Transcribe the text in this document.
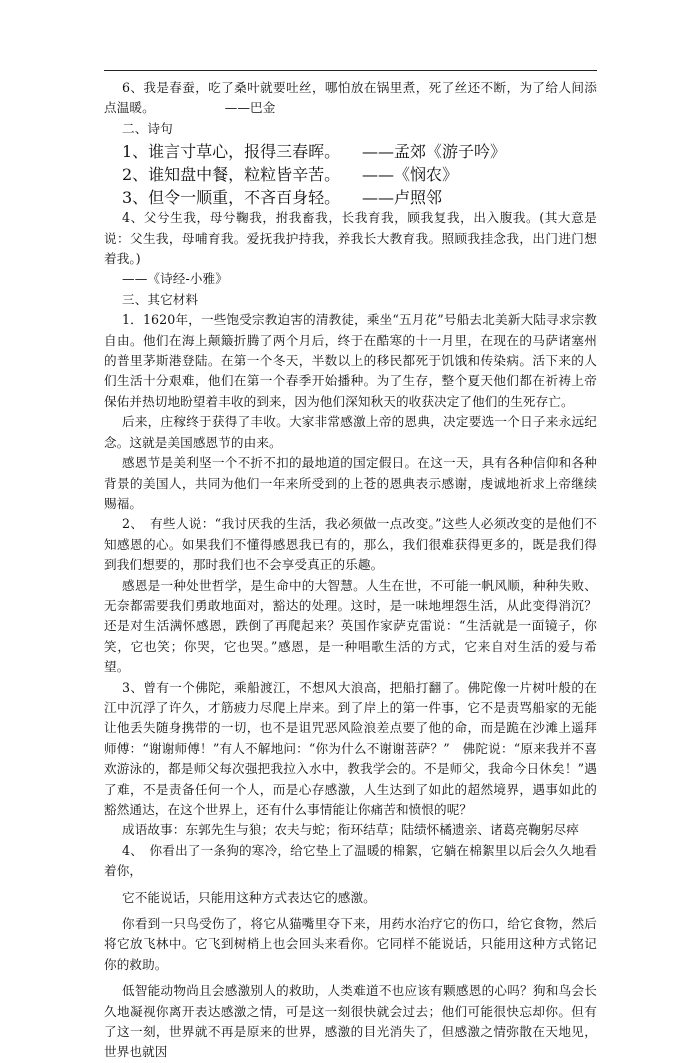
6、我是春蚕，吃了桑叶就要吐丝，哪怕放在锅里煮，死了丝还不断，为了给人间添点温暖。　　　　　　——巴金

二、诗句

1、谁言寸草心，报得三春晖。	——孟郊《游子吟》
2、谁知盘中餐，粒粒皆辛苦。	——《悯农》
3、但令一顺重，不吝百身轻。	——卢照邻

4、父兮生我，母兮鞠我，拊我畜我，长我育我，顾我复我，出入腹我。(其大意是说：父生我，母哺育我。爱抚我护持我，养我长大教育我。照顾我挂念我，出门进门想着我。)

——《诗经-小雅》

三、其它材料

1．1620年，一些饱受宗教迫害的清教徒，乘坐“五月花”号船去北美新大陆寻求宗教自由。他们在海上颠簸折腾了两个月后，终于在酷寒的十一月里，在现在的马萨诸塞州的普里茅斯港登陆。在第一个冬天，半数以上的移民都死于饥饿和传染病。活下来的人们生活十分艰难，他们在第一个春季开始播种。为了生存，整个夏天他们都在祈祷上帝保佑并热切地盼望着丰收的到来，因为他们深知秋天的收获决定了他们的生死存亡。

后来，庄稼终于获得了丰收。大家非常感激上帝的恩典，决定要选一个日子来永远纪念。这就是美国感恩节的由来。

感恩节是美利坚一个不折不扣的最地道的国定假日。在这一天，具有各种信仰和各种背景的美国人，共同为他们一年来所受到的上苍的恩典表示感谢，虔诚地祈求上帝继续赐福。

2、　有些人说：“我讨厌我的生活，我必须做一点改变。”这些人必须改变的是他们不知感恩的心。如果我们不懂得感恩我已有的，那么，我们很难获得更多的，既是我们得到我们想要的，那时我们也不会享受真正的乐趣。

感恩是一种处世哲学，是生命中的大智慧。人生在世，不可能一帆风顺，种种失败、无奈都需要我们勇敢地面对，豁达的处理。这时，是一味地埋怨生活，从此变得消沉？还是对生活满怀感恩，跌倒了再爬起来？英国作家萨克雷说：“生活就是一面镜子，你笑，它也笑；你哭，它也哭。”感恩，是一种唱歌生活的方式，它来自对生活的爱与希望。

3、曾有一个佛陀，乘船渡江，不想风大浪高，把船打翻了。佛陀像一片树叶般的在江中沉浮了许久，才筋疲力尽爬上岸来。到了岸上的第一件事，它不是责骂船家的无能让他丢失随身携带的一切，也不是诅咒恶风险浪差点要了他的命，而是跪在沙滩上遥拜师傅：“谢谢师傅！”有人不解地问：“你为什么不谢谢菩萨？”　佛陀说：“原来我并不喜欢游泳的，都是师父每次强把我拉入水中，教我学会的。不是师父，我命今日休矣！”遇了难，不是责备任何一个人，而是心存感激，人生达到了如此的超然境界，遇事如此的豁然通达，在这个世界上，还有什么事情能让你痛苦和愤恨的呢？

成语故事：东郭先生与狼；农夫与蛇；衔环结草；陆绩怀橘遗亲、诸葛亮鞠躬尽瘁

4、　你看出了一条狗的寒冷，给它垫上了温暖的棉絮，它躺在棉絮里以后会久久地看着你，

它不能说话，只能用这种方式表达它的感激。

你看到一只鸟受伤了，将它从猫嘴里夺下来，用药水治疗它的伤口，给它食物，然后将它放飞林中。它飞到树梢上也会回头来看你。它同样不能说话，只能用这种方式铭记你的救助。

低智能动物尚且会感激别人的救助，人类难道不也应该有颗感恩的心吗？狗和鸟会长久地凝视你离开表达感激之情，可是这一刻很快就会过去；他们可能很快忘却你。但有了这一刻，世界就不再是原来的世界，感激的目光消失了，但感激之情弥散在天地见，世界也就因
